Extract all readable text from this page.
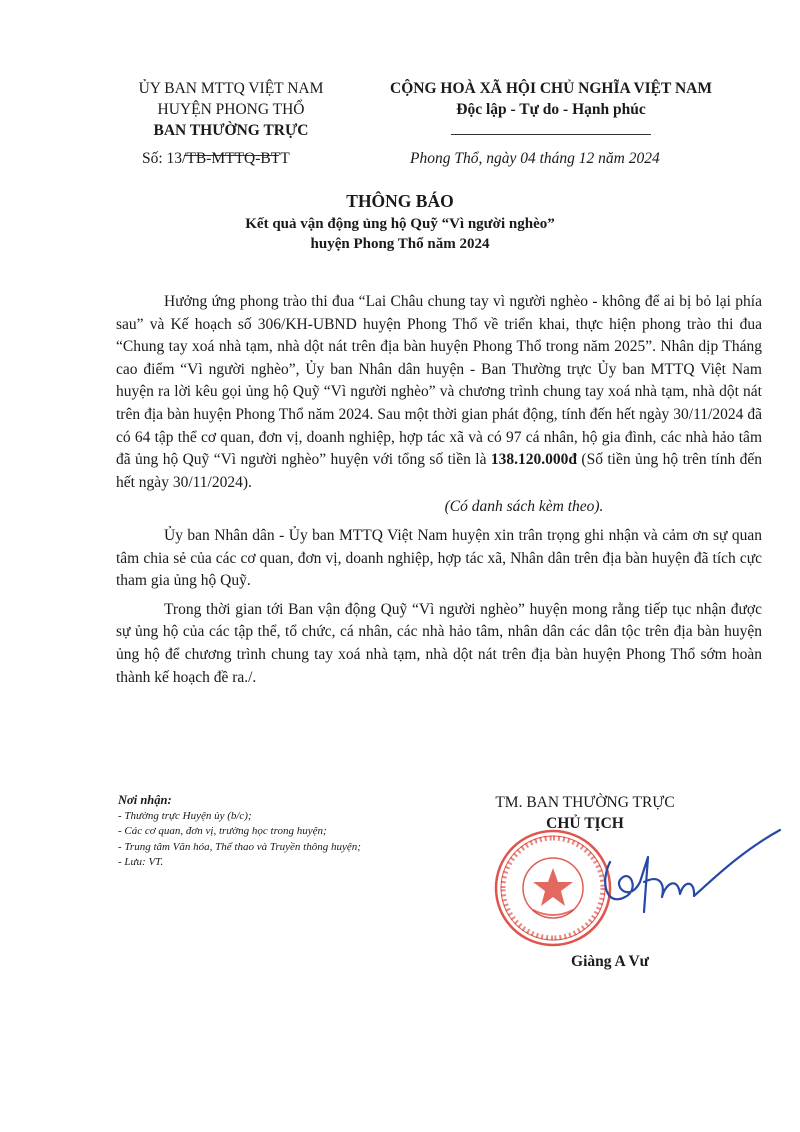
ỦY BAN MTTQ VIỆT NAM
HUYỆN PHONG THỔ
BAN THƯỜNG TRỰC
CỘNG HOÀ XÃ HỘI CHỦ NGHĨA VIỆT NAM
Độc lập - Tự do - Hạnh phúc
Số: 13/TB-MTTQ-BTT	Phong Thổ, ngày 04 tháng 12 năm 2024
THÔNG BÁO
Kết quả vận động ủng hộ Quỹ “Vì người nghèo”
huyện Phong Thổ năm 2024

Hưởng ứng phong trào thi đua “Lai Châu chung tay vì người nghèo - không để ai bị bỏ lại phía sau” và Kế hoạch số 306/KH-UBND huyện Phong Thổ về triển khai, thực hiện phong trào thi đua “Chung tay xoá nhà tạm, nhà dột nát trên địa bàn huyện Phong Thổ trong năm 2025”. Nhân dịp Tháng cao điểm “Vì người nghèo”, Ủy ban Nhân dân huyện - Ban Thường trực Ủy ban MTTQ Việt Nam huyện ra lời kêu gọi ủng hộ Quỹ “Vì người nghèo” và chương trình chung tay xoá nhà tạm, nhà dột nát trên địa bàn huyện Phong Thổ năm 2024. Sau một thời gian phát động, tính đến hết ngày 30/11/2024 đã có 64 tập thể cơ quan, đơn vị, doanh nghiệp, hợp tác xã và có 97 cá nhân, hộ gia đình, các nhà hảo tâm đã ủng hộ Quỹ “Vì người nghèo” huyện với tổng số tiền là 138.120.000đ (Số tiền ủng hộ trên tính đến hết ngày 30/11/2024).

(Có danh sách kèm theo).

Ủy ban Nhân dân - Ủy ban MTTQ Việt Nam huyện xin trân trọng ghi nhận và cảm ơn sự quan tâm chia sẻ của các cơ quan, đơn vị, doanh nghiệp, hợp tác xã, Nhân dân trên địa bàn huyện đã tích cực tham gia ủng hộ Quỹ.

Trong thời gian tới Ban vận động Quỹ “Vì người nghèo” huyện mong rằng tiếp tục nhận được sự ủng hộ của các tập thể, tổ chức, cá nhân, các nhà hảo tâm, nhân dân các dân tộc trên địa bàn huyện ủng hộ để chương trình chung tay xoá nhà tạm, nhà dột nát trên địa bàn huyện Phong Thổ sớm hoàn thành kế hoạch đề ra./.

Nơi nhận:
- Thường trực Huyện ủy (b/c);
- Các cơ quan, đơn vị, trường học trong huyện;
- Trung tâm Văn hóa, Thể thao và Truyền thông huyện;
- Lưu: VT.
TM. BAN THƯỜNG TRỰC
CHỦ TỊCH
Giàng A Vư
